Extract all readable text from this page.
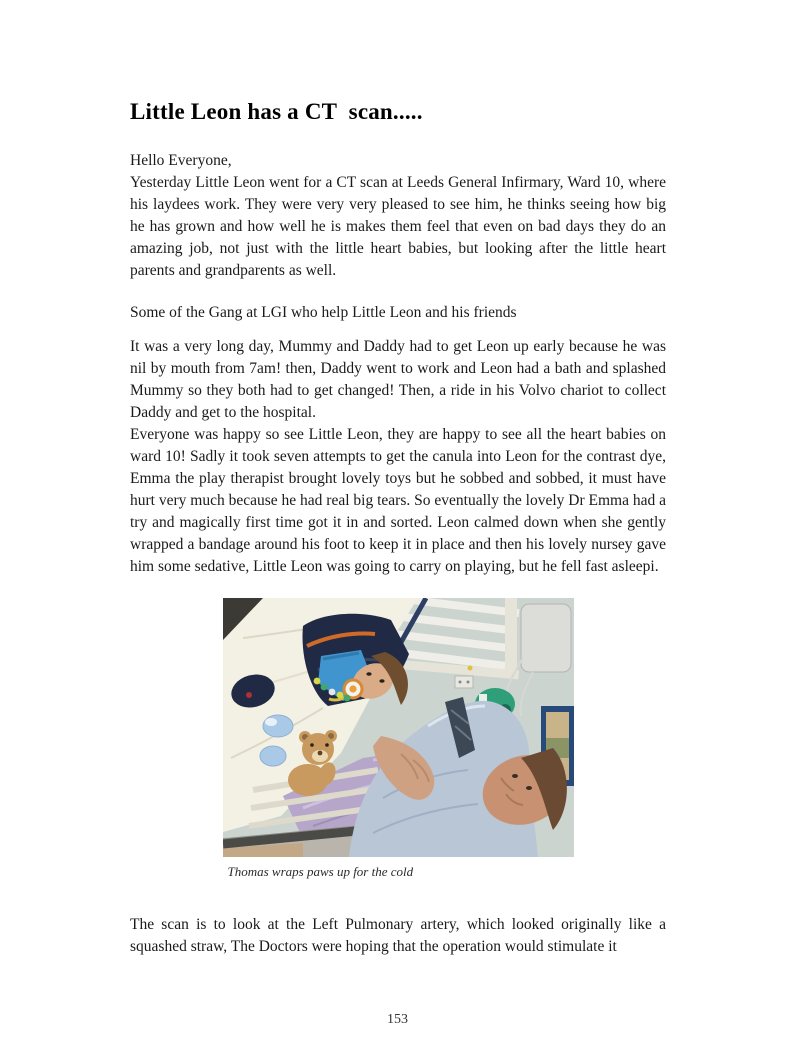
Little Leon has a CT  scan.....
Hello Everyone,

Yesterday Little Leon went for a CT scan at Leeds General Infirmary, Ward 10, where his laydees work. They were very very pleased to see him, he thinks seeing how big he has grown and how well he is makes them feel that even on bad days they do an amazing job, not just with the little heart babies, but looking after the little heart parents and grandparents as well.

Some of the Gang at LGI who help Little Leon and his friends

It was a very long day, Mummy and Daddy had to get Leon up early because he was nil by mouth from 7am! then, Daddy went to work and Leon had a bath and splashed Mummy so they both had to get changed! Then, a ride in his Volvo chariot to collect Daddy and get to the hospital.

Everyone was happy so see Little Leon, they are happy to see all the heart babies on ward 10! Sadly it took seven attempts to get the canula into Leon for the contrast dye, Emma the play therapist brought lovely toys but he sobbed and sobbed, it must have hurt very much because he had real big tears. So eventually the lovely Dr Emma had a try and magically first time got it in and sorted. Leon calmed down when she gently wrapped a bandage around his foot to keep it in place and then his lovely nursey gave him some sedative, Little Leon was going to carry on playing, but he fell fast asleepi.

Thomas wraps paws up for the cold

The scan is to look at the Left Pulmonary artery, which looked originally like a squashed straw, The Doctors were hoping that the operation would stimulate it

153
